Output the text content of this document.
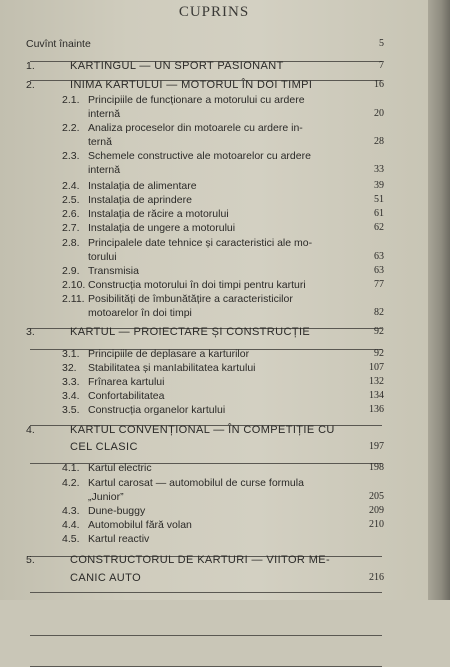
CUPRINS
Cuvînt înainte	5
1.	KARTINGUL — UN SPORT PASIONANT	7
2.	INIMA KARTULUI — MOTORUL ÎN DOI TIMPI	16
2.1. Principiile de funcționare a motorului cu ardere
internă	20
2.2. Analiza proceselor din motoarele cu ardere in-
ternă	28
2.3. Schemele constructive ale motoarelor cu ardere
internă	33
2.4. Instalația de alimentare	39
2.5. Instalația de aprindere	51
2.6. Instalația de răcire a motorului	61
2.7. Instalația de ungere a motorului	62
2.8. Principalele date tehnice și caracteristici ale mo-
torului	63
2.9. Transmisia	63
2.10. Construcția motorului în doi timpi pentru karturi	77
2.11. Posibilități de îmbunătățire a caracteristicilor
motoarelor în doi timpi	82
3.	KARTUL — PROIECTARE ȘI CONSTRUCȚIE	92
3.1. Principiile de deplasare a karturilor	92
32. Stabilitatea și manIabilitatea kartului	107
3.3. Frînarea kartului	132
3.4. Confortabilitatea	134
3.5. Construcția organelor kartului	136
4.	KARTUL CONVENȚIONAL — ÎN COMPETIȚIE CU
CEL CLASIC	197
4.1. Kartul electric	198
4.2. Kartul carosat — automobilul de curse formula
„Junior”	205
4.3. Dune-buggy	209
4.4. Automobilul fără volan	210
4.5. Kartul reactiv
5.	CONSTRUCTORUL DE KARTURI — VIITOR ME-
CANIC AUTO	216
